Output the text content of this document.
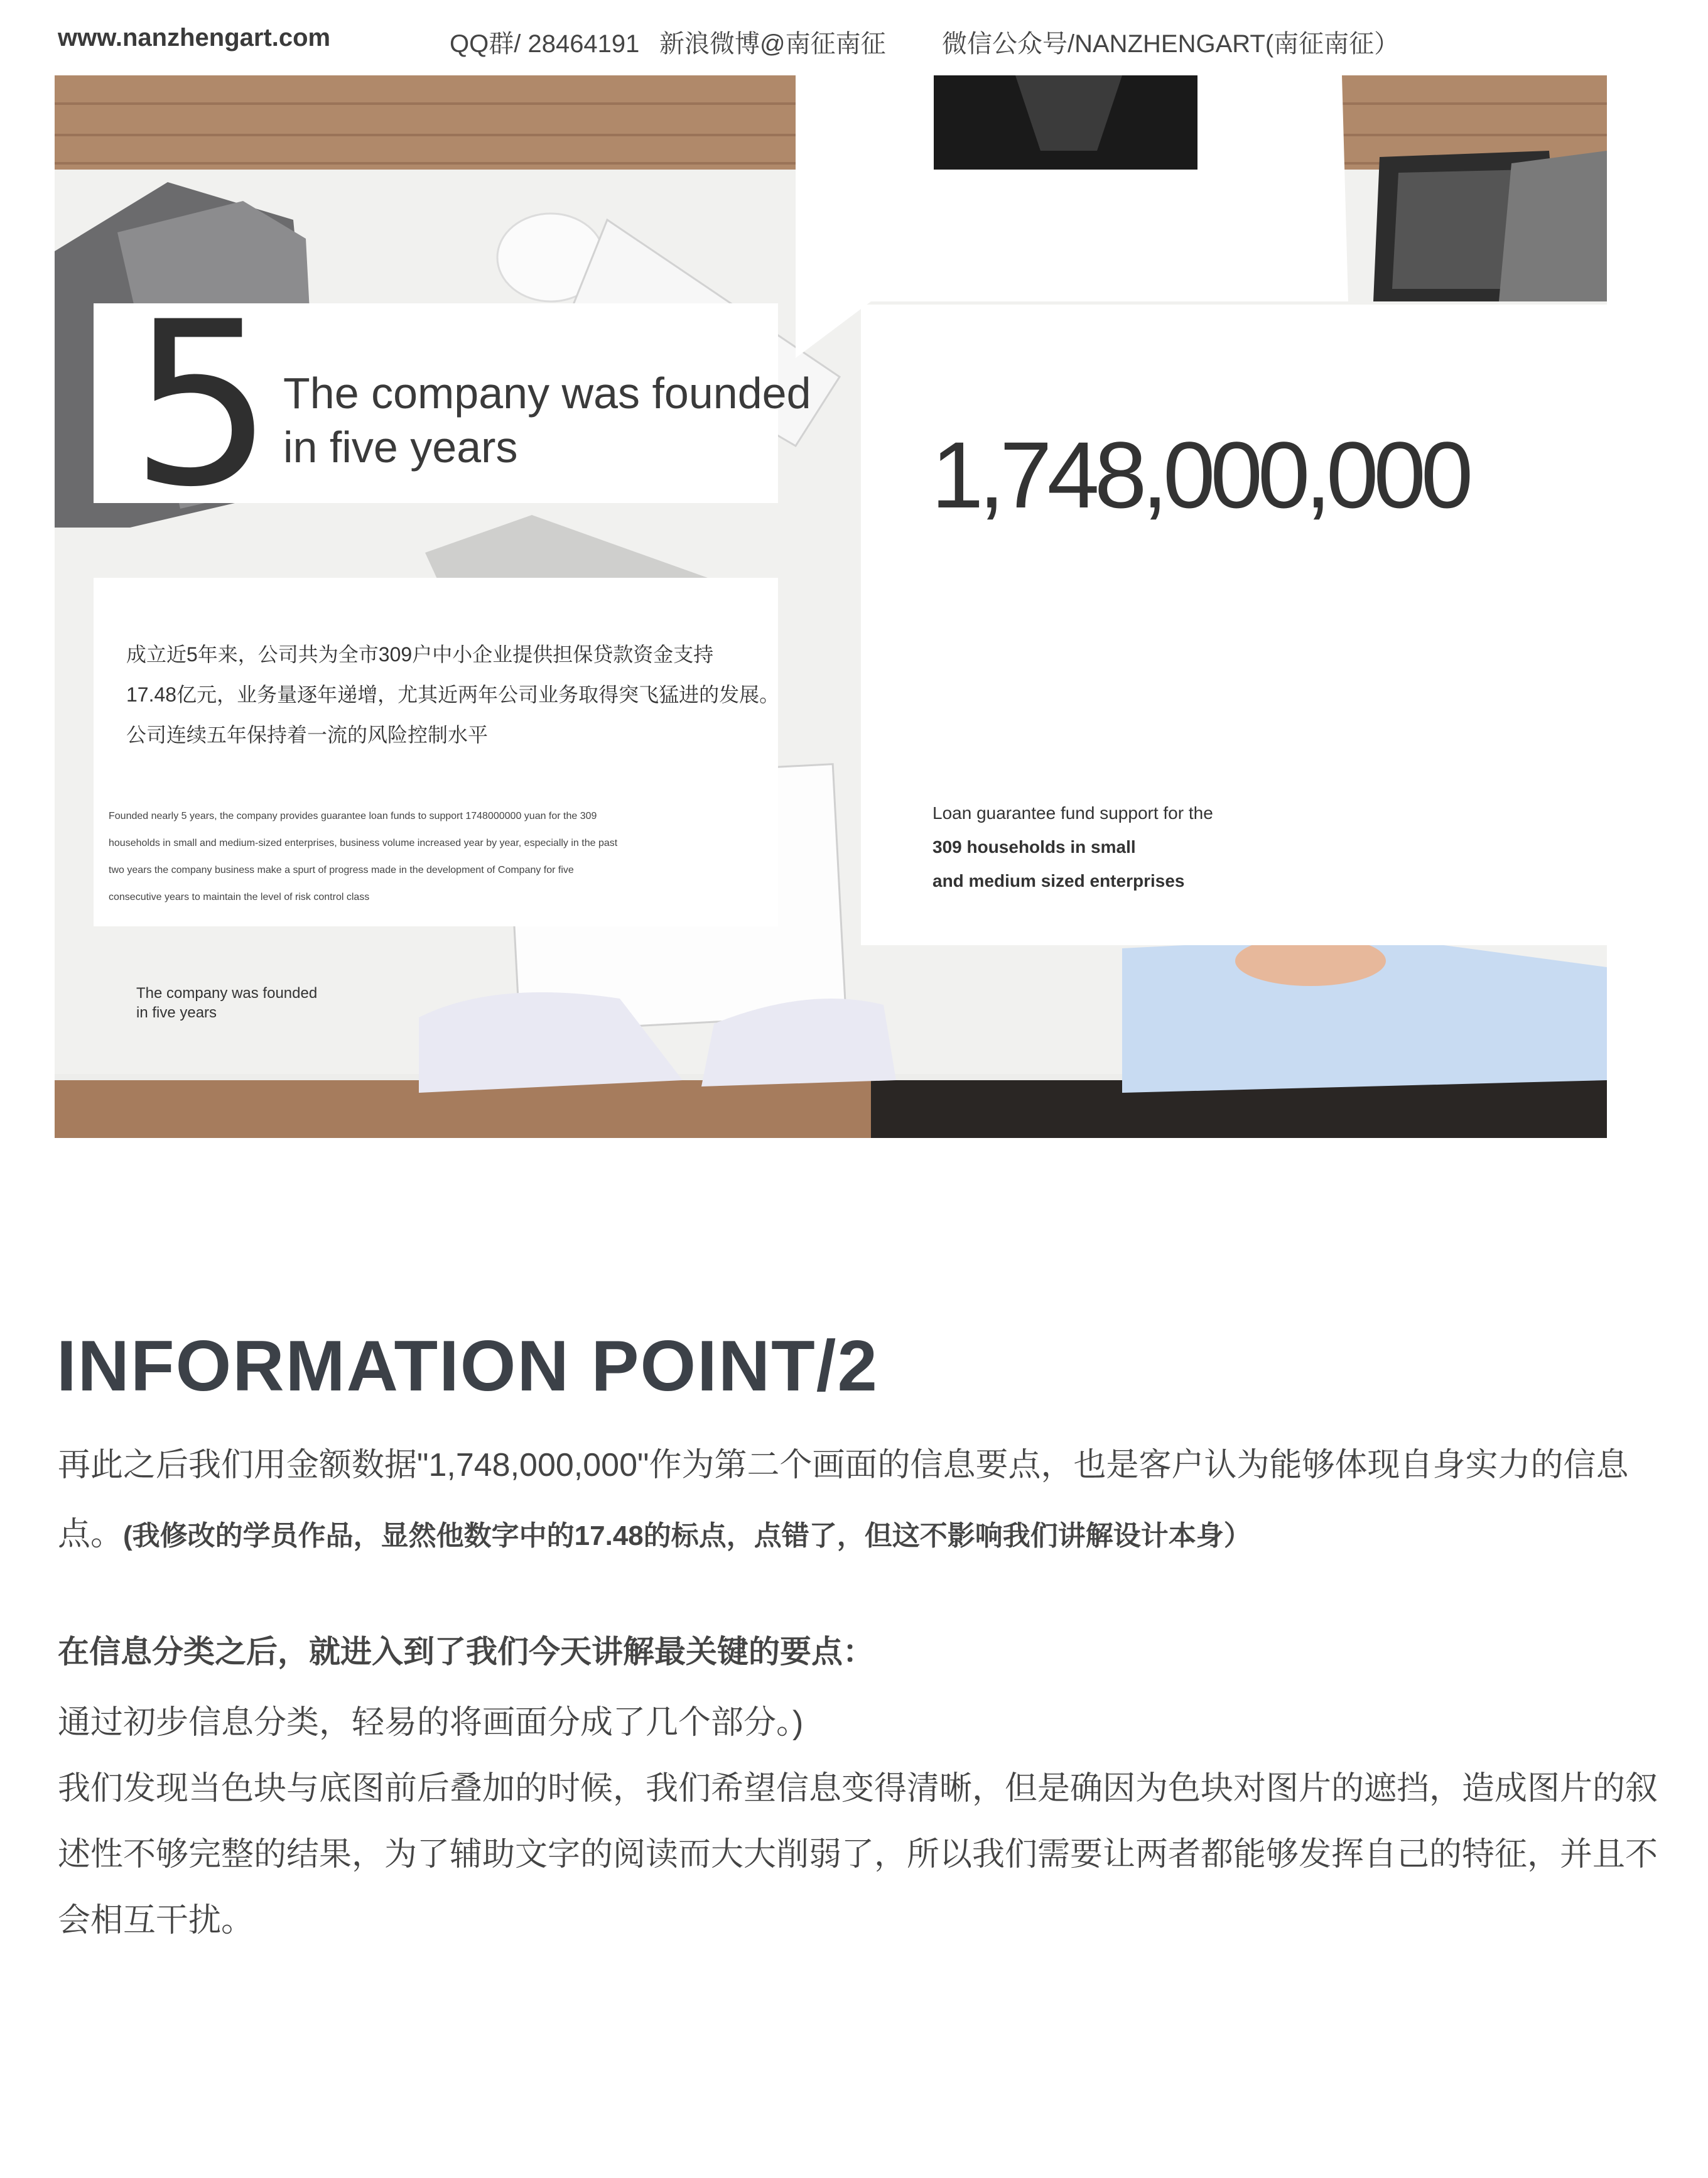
www.nanzhengart.com	QQ群/ 28464191 新浪微博@南征南征 微信公众号/NANZHENGART(南征南征）
5 The company was founded
in five years
成立近5年来，公司共为全市309户中小企业提供担保贷款资金支持
17.48亿元，业务量逐年递增，尤其近两年公司业务取得突飞猛进的发展。
公司连续五年保持着一流的风险控制水平
Founded nearly 5 years, the company provides guarantee loan funds to support 1748000000 yuan for the 309
households in small and medium-sized enterprises, business volume increased year by year, especially in the past
two years the company business make a spurt of progress made in the development of Company for five
consecutive years to maintain the level of risk control class
1,748,000,000
Loan guarantee fund support for the
309 households in small
and medium sized enterprises
The company was founded
in five years
INFORMATION POINT/2
再此之后我们用金额数据"1,748,000,000"作为第二个画面的信息要点，也是客户认为能够体现自身实力的信息
点。(我修改的学员作品，显然他数字中的17.48的标点，点错了，但这不影响我们讲解设计本身）
在信息分类之后，就进入到了我们今天讲解最关键的要点：
通过初步信息分类，轻易的将画面分成了几个部分。)
我们发现当色块与底图前后叠加的时候，我们希望信息变得清晰，但是确因为色块对图片的遮挡，造成图片的叙
述性不够完整的结果，为了辅助文字的阅读而大大削弱了，所以我们需要让两者都能够发挥自己的特征，并且不
会相互干扰。
